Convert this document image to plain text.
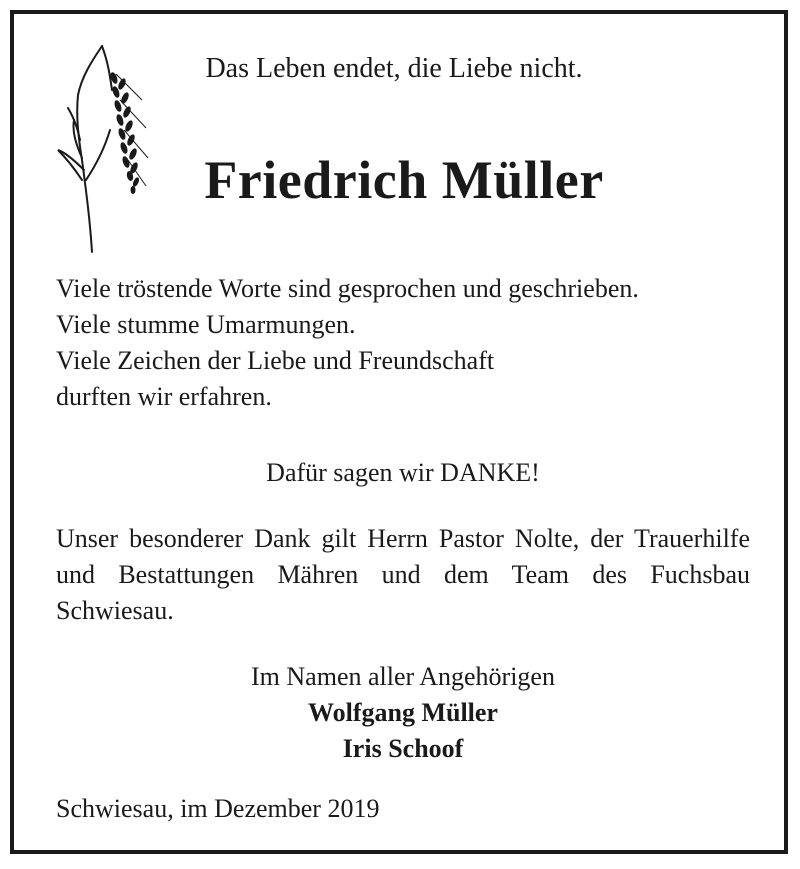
Das Leben endet, die Liebe nicht.

Friedrich Müller

Viele tröstende Worte sind gesprochen und geschrieben.
Viele stumme Umarmungen.
Viele Zeichen der Liebe und Freundschaft
durften wir erfahren.

Dafür sagen wir DANKE!

Unser besonderer Dank gilt Herrn Pastor Nolte, der Trauerhilfe und Bestattungen Mähren und dem Team des Fuchsbau Schwiesau.

Im Namen aller Angehörigen
Wolfgang Müller
Iris Schoof

Schwiesau, im Dezember 2019
